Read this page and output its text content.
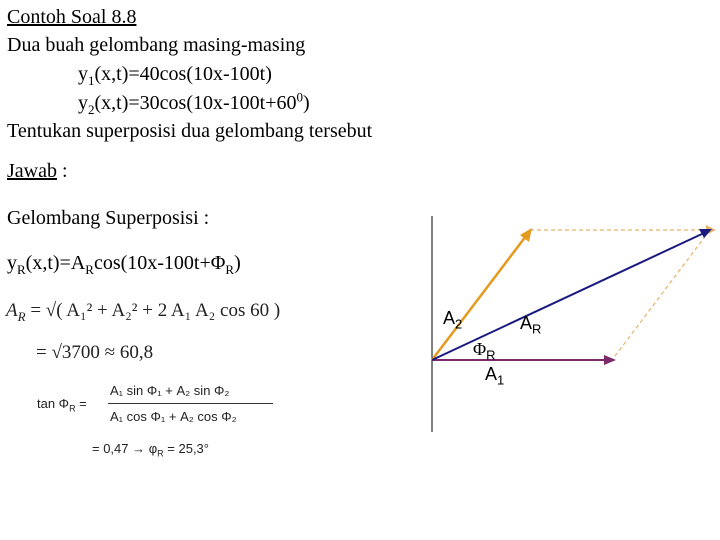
Contoh Soal 8.8
Dua buah gelombang masing-masing
$y_1(x,t)=40\cos(10x-100t)$
$y_2(x,t)=30\cos(10x-100t+60^0)$
Tentukan superposisi dua gelombang tersebut
Jawab :
Gelombang Superposisi :
$y_R(x,t)=A_R\cos(10x-100t+\Phi_R)$
$A_R$ = √( A₁² + A₂² + 2 A₁ A₂ cos 60 )
= √3700 ≈ 60,8
$\tan \Phi_R$ =
A₁ sin Φ₁ + A₂ sin Φ₂
A₁ cos Φ₁ + A₂ cos Φ₂
= $0,47 \to \varphi_R = 25,3^\circ$
$A_2$	$A_R$
$\Phi_R$
$A_1$
